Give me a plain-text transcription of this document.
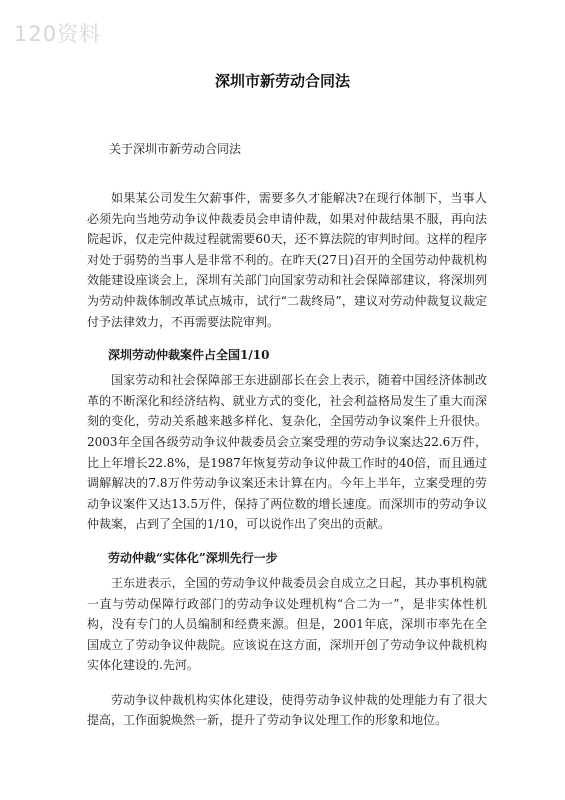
120资料
深圳市新劳动合同法
关于深圳市新劳动合同法

如果某公司发生欠薪事件，需要多久才能解决?在现行体制下，当事人必须先向当地劳动争议仲裁委员会申请仲裁，如果对仲裁结果不服，再向法院起诉，仅走完仲裁过程就需要60天，还不算法院的审判时间。这样的程序对处于弱势的当事人是非常不利的。在昨天(27日)召开的全国劳动仲裁机构效能建设座谈会上，深圳有关部门向国家劳动和社会保障部建议，将深圳列为劳动仲裁体制改革试点城市，试行“二裁终局”，建议对劳动仲裁复议裁定付予法律效力，不再需要法院审判。

深圳劳动仲裁案件占全国1/10

国家劳动和社会保障部王东进副部长在会上表示，随着中国经济体制改革的不断深化和经济结构、就业方式的变化，社会利益格局发生了重大而深刻的变化，劳动关系越来越多样化、复杂化，全国劳动争议案件上升很快。2003年全国各级劳动争议仲裁委员会立案受理的劳动争议案达22.6万件，比上年增长22.8%，是1987年恢复劳动争议仲裁工作时的40倍，而且通过调解解决的7.8万件劳动争议案还未计算在内。今年上半年，立案受理的劳动争议案件又达13.5万件，保持了两位数的增长速度。而深圳市的劳动争议仲裁案，占到了全国的1/10，可以说作出了突出的贡献。

劳动仲裁“实体化”深圳先行一步

王东进表示，全国的劳动争议仲裁委员会自成立之日起，其办事机构就一直与劳动保障行政部门的劳动争议处理机构“合二为一”，是非实体性机构，没有专门的人员编制和经费来源。但是，2001年底，深圳市率先在全国成立了劳动争议仲裁院。应该说在这方面，深圳开创了劳动争议仲裁机构实体化建设的.先河。

劳动争议仲裁机构实体化建设，使得劳动争议仲裁的处理能力有了很大提高，工作面貌焕然一新，提升了劳动争议处理工作的形象和地位。
